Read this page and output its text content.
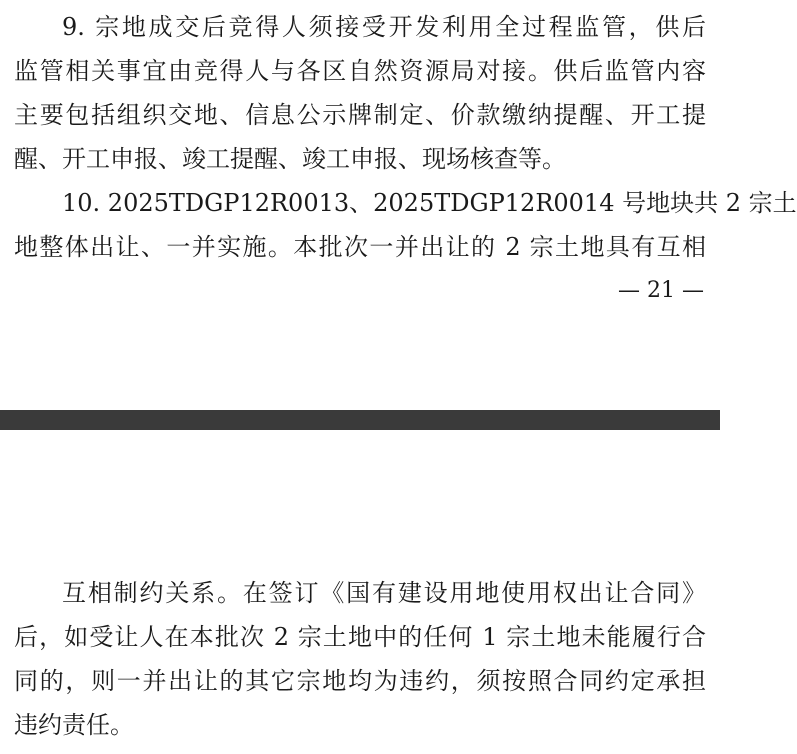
9. 宗地成交后竞得人须接受开发利用全过程监管，供后
监管相关事宜由竞得人与各区自然资源局对接。供后监管内容
主要包括组织交地、信息公示牌制定、价款缴纳提醒、开工提
醒、开工申报、竣工提醒、竣工申报、现场核查等。
10. 2025TDGP12R0013、2025TDGP12R0014 号地块共 2 宗土
地整体出让、一并实施。本批次一并出让的 2 宗土地具有互相
— 21 —
互相制约关系。在签订《国有建设用地使用权出让合同》
后，如受让人在本批次 2 宗土地中的任何 1 宗土地未能履行合
同的，则一并出让的其它宗地均为违约，须按照合同约定承担
违约责任。
